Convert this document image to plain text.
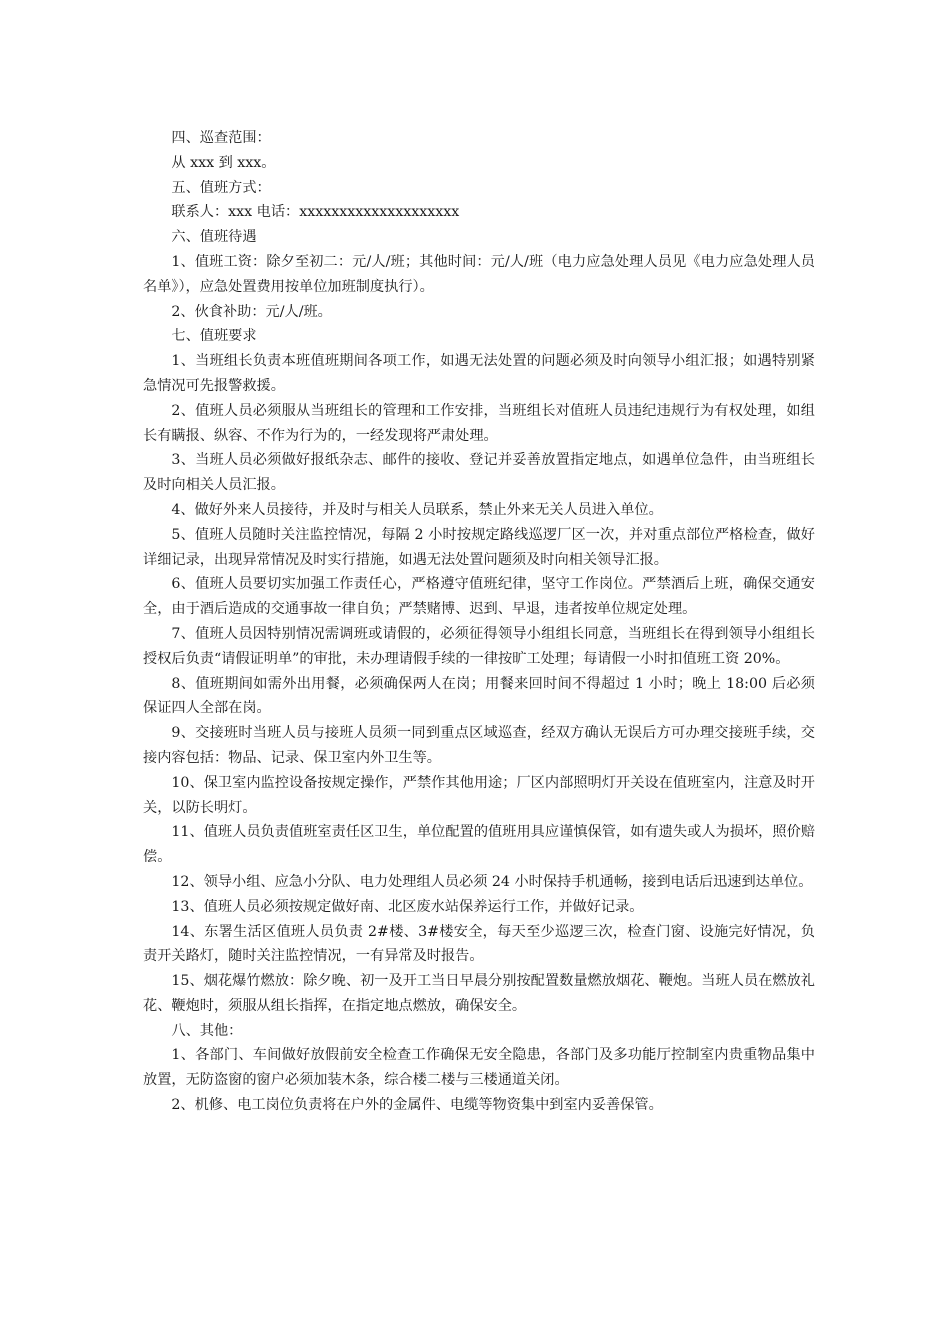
四、巡查范围：

从 xxx 到 xxx。

五、值班方式：

联系人：xxx 电话：xxxxxxxxxxxxxxxxxxxx

六、值班待遇

1、值班工资：除夕至初二：元/人/班；其他时间：元/人/班（电力应急处理人员见《电力应急处理人员名单》），应急处置费用按单位加班制度执行）。

2、伙食补助：元/人/班。

七、值班要求

1、当班组长负责本班值班期间各项工作，如遇无法处置的问题必须及时向领导小组汇报；如遇特别紧急情况可先报警救援。

2、值班人员必须服从当班组长的管理和工作安排，当班组长对值班人员违纪违规行为有权处理，如组长有瞒报、纵容、不作为行为的，一经发现将严肃处理。

3、当班人员必须做好报纸杂志、邮件的接收、登记并妥善放置指定地点，如遇单位急件，由当班组长及时向相关人员汇报。

4、做好外来人员接待，并及时与相关人员联系，禁止外来无关人员进入单位。

5、值班人员随时关注监控情况，每隔 2 小时按规定路线巡逻厂区一次，并对重点部位严格检查，做好详细记录，出现异常情况及时实行措施，如遇无法处置问题须及时向相关领导汇报。

6、值班人员要切实加强工作责任心，严格遵守值班纪律，坚守工作岗位。严禁酒后上班，确保交通安全，由于酒后造成的交通事故一律自负；严禁赌博、迟到、早退，违者按单位规定处理。

7、值班人员因特别情况需调班或请假的，必须征得领导小组组长同意，当班组长在得到领导小组组长授权后负责“请假证明单”的审批，未办理请假手续的一律按旷工处理；每请假一小时扣值班工资 20%。

8、值班期间如需外出用餐，必须确保两人在岗；用餐来回时间不得超过 1 小时；晚上 18:00 后必须保证四人全部在岗。

9、交接班时当班人员与接班人员须一同到重点区域巡查，经双方确认无误后方可办理交接班手续，交接内容包括：物品、记录、保卫室内外卫生等。

10、保卫室内监控设备按规定操作，严禁作其他用途；厂区内部照明灯开关设在值班室内，注意及时开关，以防长明灯。

11、值班人员负责值班室责任区卫生，单位配置的值班用具应谨慎保管，如有遗失或人为损坏，照价赔偿。

12、领导小组、应急小分队、电力处理组人员必须 24 小时保持手机通畅，接到电话后迅速到达单位。

13、值班人员必须按规定做好南、北区废水站保养运行工作，并做好记录。

14、东署生活区值班人员负责 2#楼、3#楼安全，每天至少巡逻三次，检查门窗、设施完好情况，负责开关路灯，随时关注监控情况，一有异常及时报告。

15、烟花爆竹燃放：除夕晚、初一及开工当日早晨分别按配置数量燃放烟花、鞭炮。当班人员在燃放礼花、鞭炮时，须服从组长指挥，在指定地点燃放，确保安全。

八、其他：

1、各部门、车间做好放假前安全检查工作确保无安全隐患，各部门及多功能厅控制室内贵重物品集中放置，无防盗窗的窗户必须加装木条，综合楼二楼与三楼通道关闭。

2、机修、电工岗位负责将在户外的金属件、电缆等物资集中到室内妥善保管。
